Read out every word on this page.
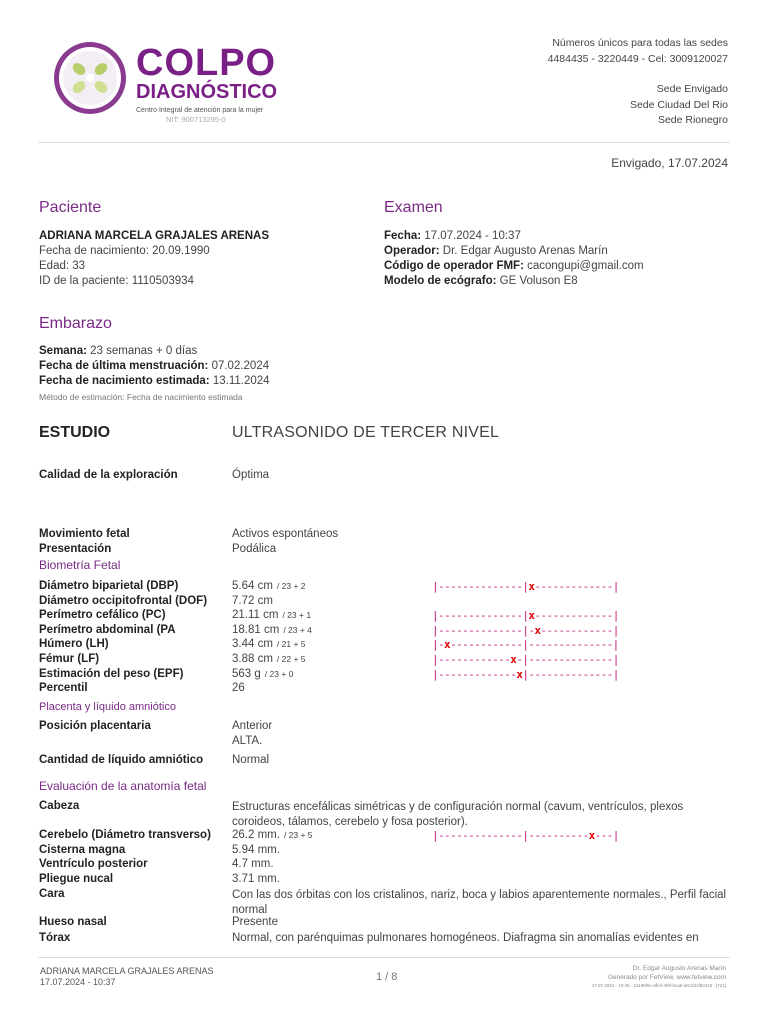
COLPO
DIAGNÓSTICO
Centro Integral de atención para la mujer
NIT: 900713295-0
Números únicos para todas las sedes
4484435 - 3220449 - Cel: 3009120027
Sede Envigado
Sede Ciudad Del Rio
Sede Rionegro
Envigado, 17.07.2024
Paciente
ADRIANA MARCELA GRAJALES ARENAS
Fecha de nacimiento: 20.09.1990
Edad: 33
ID de la paciente: 1110503934
Examen
Fecha: 17.07.2024 - 10:37
Operador: Dr. Edgar Augusto Arenas Marín
Código de operador FMF: cacongupi@gmail.com
Modelo de ecógrafo: GE Voluson E8
Embarazo
Semana: 23 semanas + 0 días
Fecha de última menstruación: 07.02.2024
Fecha de nacimiento estimada: 13.11.2024
Método de estimación: Fecha de nacimiento estimada
ESTUDIO	ULTRASONIDO DE TERCER NIVEL
Calidad de la exploración	Óptima
Movimiento fetal	Activos espontáneos
Presentación	Podálica
Biometría Fetal
Diámetro biparietal (DBP)	5.64 cm / 23 + 2	|--------------|x-------------|
Diámetro occipitofrontal (DOF) 7.72 cm
Perímetro cefálico (PC)	21.11 cm / 23 + 1	|--------------|x-------------|
Perímetro abdominal (PA	18.81 cm / 23 + 4	|--------------|-x------------|
Húmero (LH)	3.44 cm / 21 + 5	|-x------------|--------------|
Fémur (LF)	3.88 cm / 22 + 5	|------------x-|--------------|
Estimación del peso (EPF)	563 g / 23 + 0	|-------------x|--------------|
Percentil	26
Placenta y líquido amniótico
Posición placentaria	Anterior
ALTA.
Cantidad de líquido amniótico	Normal
Evaluación de la anatomía fetal
Cabeza	Estructuras encefálicas simétricas y de configuración normal (cavum, ventrículos, plexos coroideos, tálamos, cerebelo y fosa posterior).
Cerebelo (Diámetro transverso) 26.2 mm. / 23 + 5	|--------------|----------x---|
Cisterna magna	5.94 mm.
Ventrículo posterior	4.7 mm.
Pliegue nucal	3.71 mm.
Cara	Con las dos órbitas con los cristalinos, nariz, boca y labios aparentemente normales., Perfil facial normal
Hueso nasal	Presente
Tórax	Normal, con parénquimas pulmonares homogéneos. Diafragma sin anomalías evidentes en
ADRIANA MARCELA GRAJALES ARENAS
17.07.2024 - 10:37	1 / 8
Dr. Edgar Augusto Arenas Marín
Generado por FetView, www.fetview.com
17.07.2024 - 10:36 - 21196f6c-afe3-4f6f-bca6-a0c2d1f8c019 - [721]
